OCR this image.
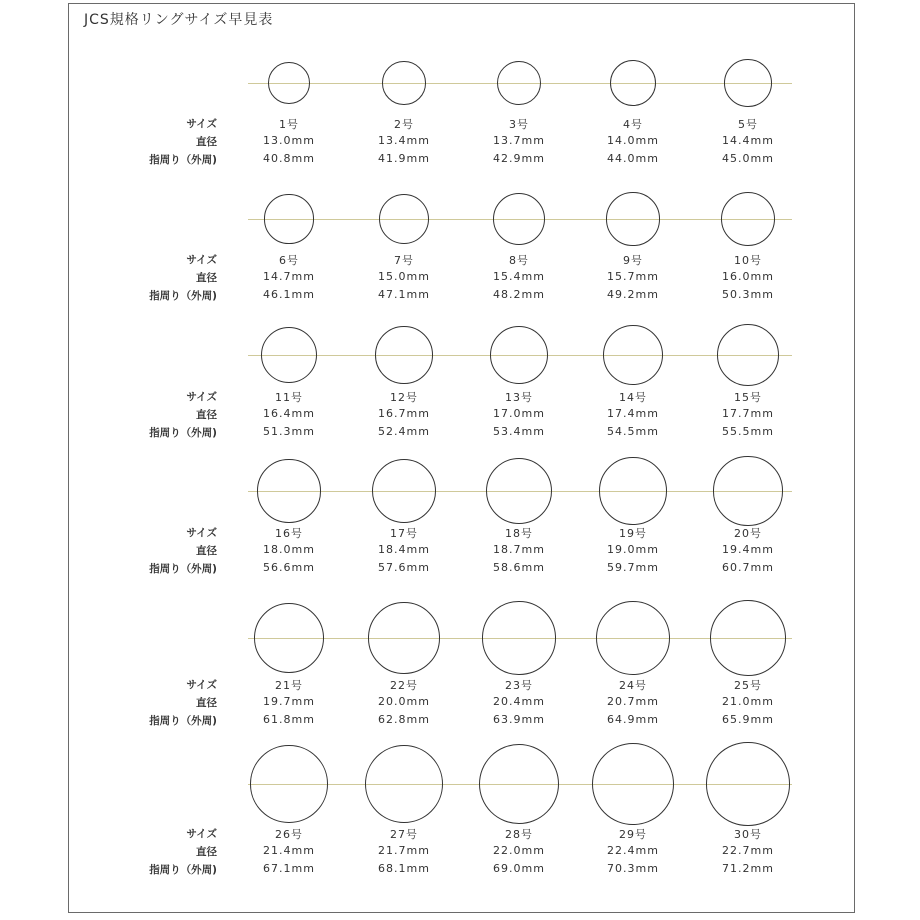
JCS規格リングサイズ早見表
サイズ
直径
指周り（外周)
1号
13.0mm
40.8mm
2号
13.4mm
41.9mm
3号
13.7mm
42.9mm
4号
14.0mm
44.0mm
5号
14.4mm
45.0mm
サイズ
直径
指周り（外周)
6号
14.7mm
46.1mm
7号
15.0mm
47.1mm
8号
15.4mm
48.2mm
9号
15.7mm
49.2mm
10号
16.0mm
50.3mm
サイズ
直径
指周り（外周)
11号
16.4mm
51.3mm
12号
16.7mm
52.4mm
13号
17.0mm
53.4mm
14号
17.4mm
54.5mm
15号
17.7mm
55.5mm
サイズ
直径
指周り（外周)
16号
18.0mm
56.6mm
17号
18.4mm
57.6mm
18号
18.7mm
58.6mm
19号
19.0mm
59.7mm
20号
19.4mm
60.7mm
サイズ
直径
指周り（外周)
21号
19.7mm
61.8mm
22号
20.0mm
62.8mm
23号
20.4mm
63.9mm
24号
20.7mm
64.9mm
25号
21.0mm
65.9mm
サイズ
直径
指周り（外周)
26号
21.4mm
67.1mm
27号
21.7mm
68.1mm
28号
22.0mm
69.0mm
29号
22.4mm
70.3mm
30号
22.7mm
71.2mm
